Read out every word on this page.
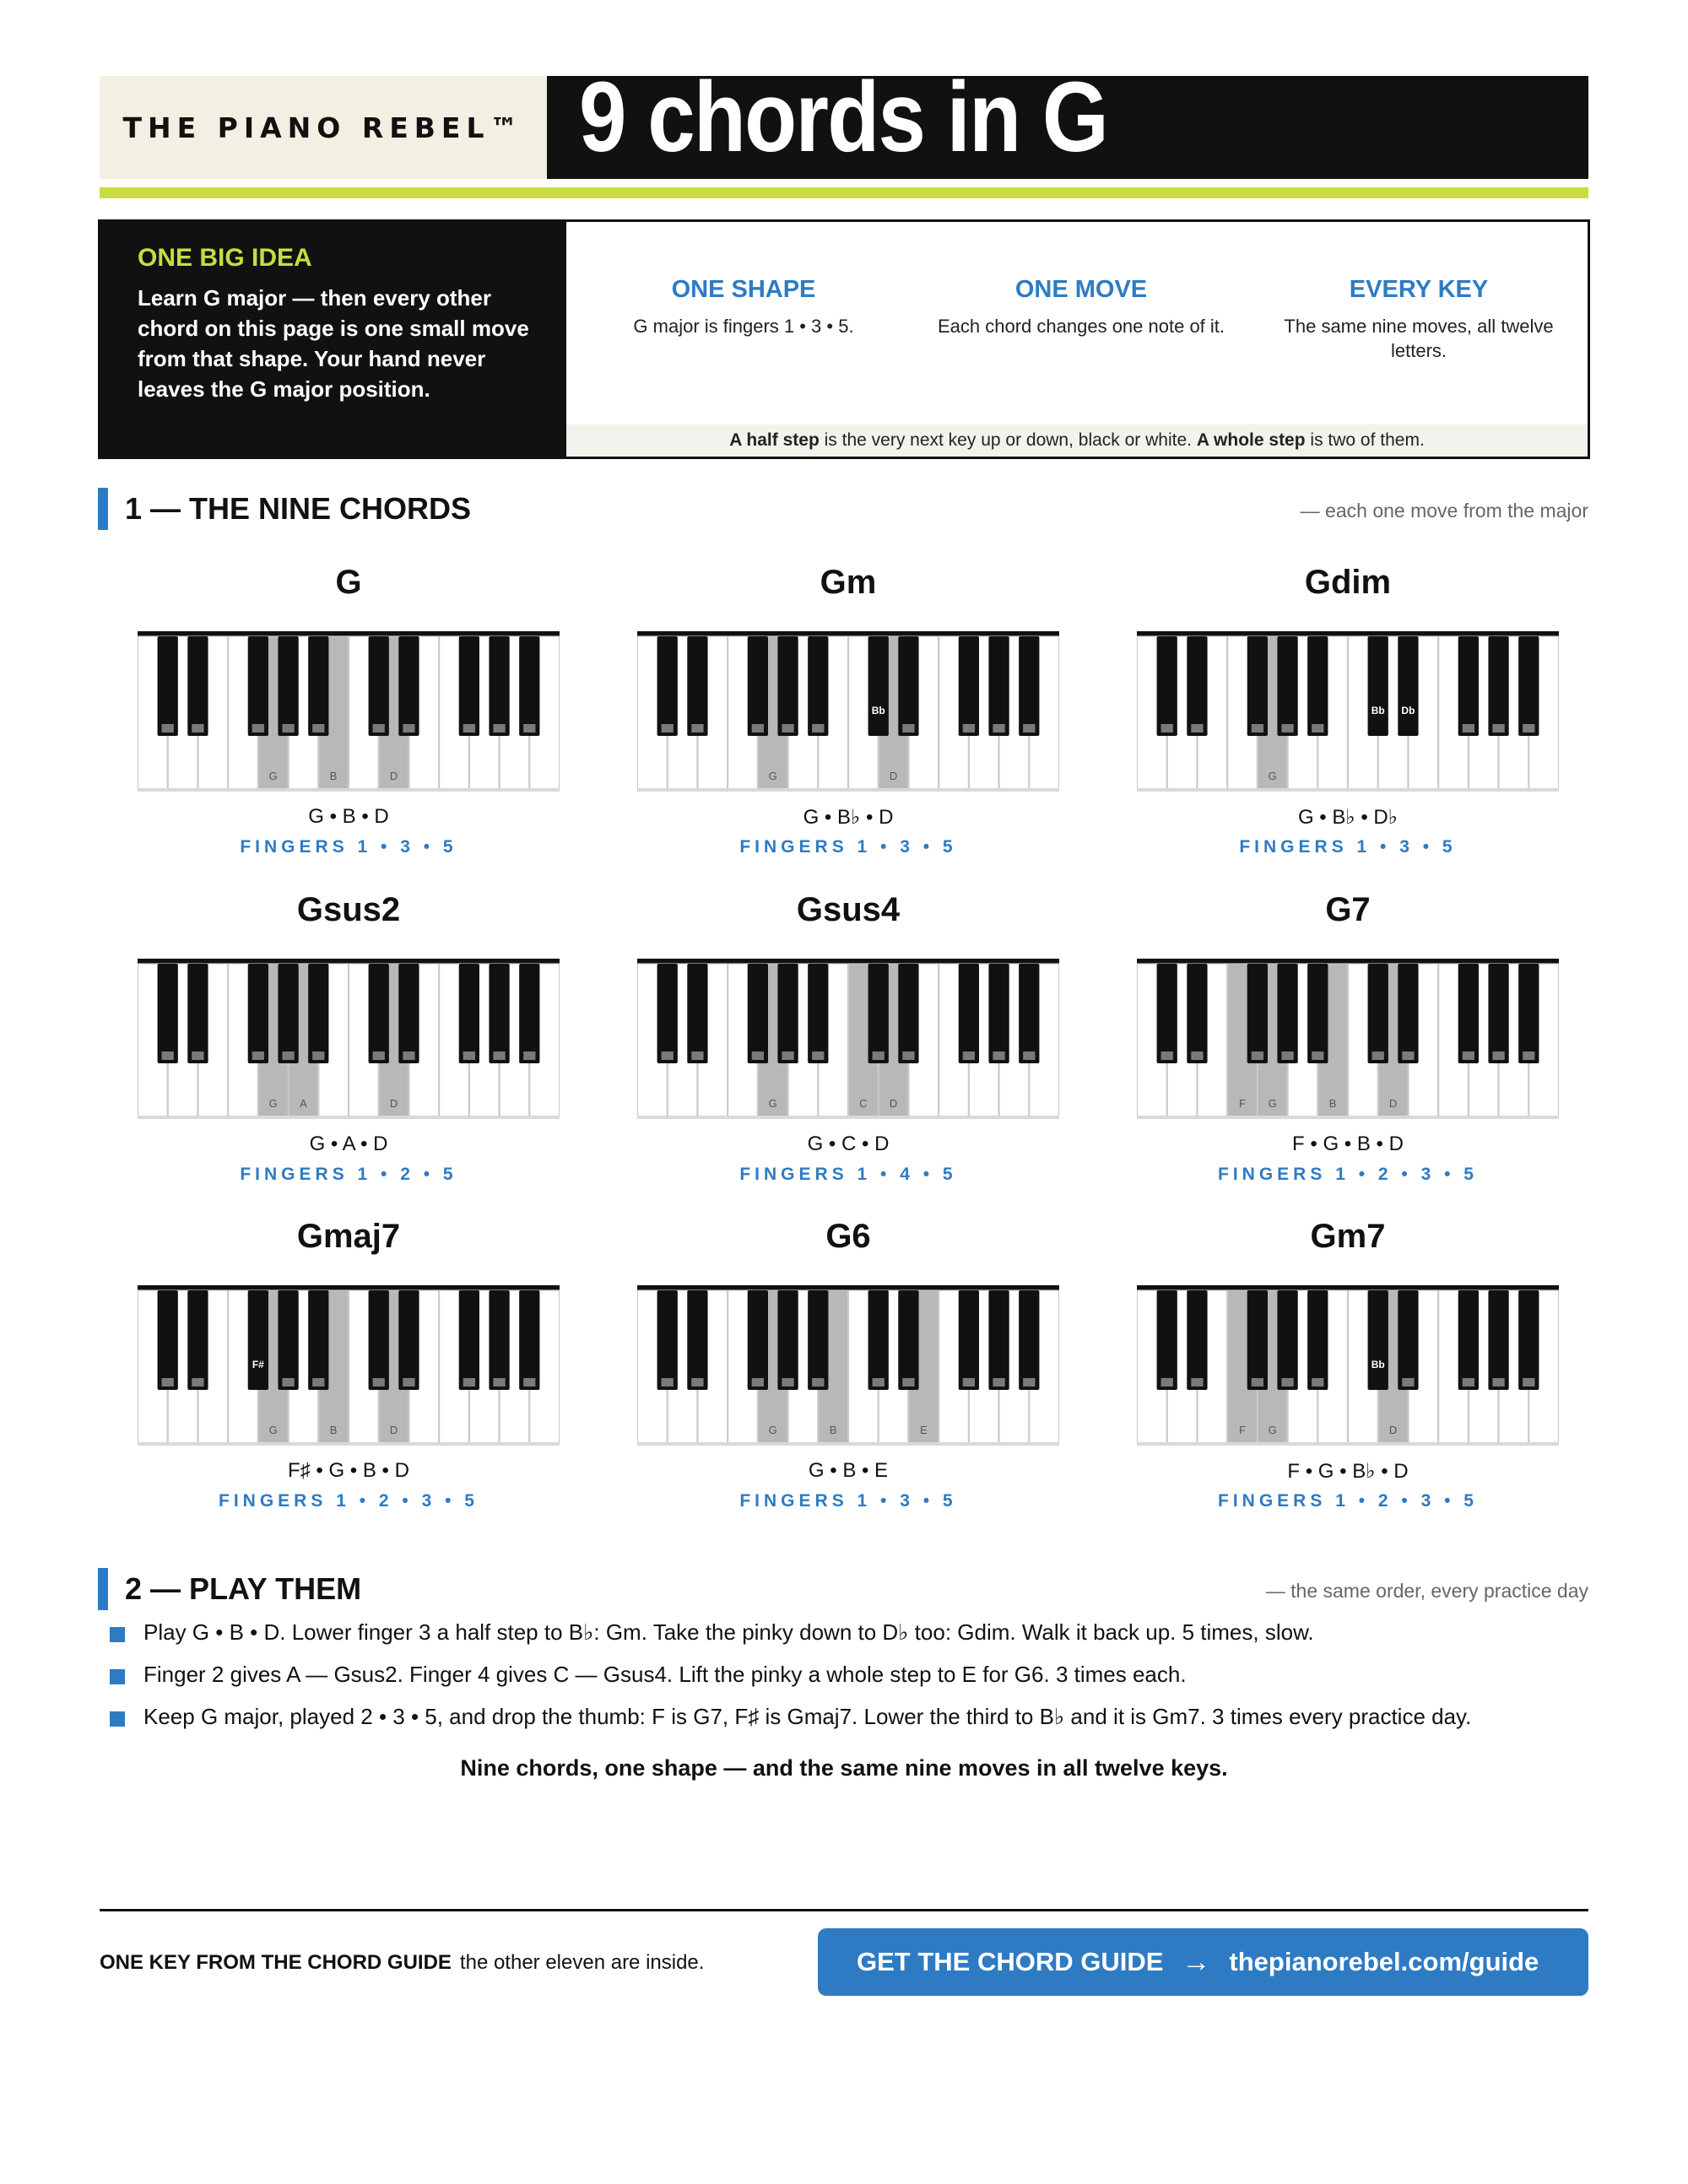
THE PIANO REBEL™ 9 chords in G
ONE BIG IDEA
Learn G major — then every other chord on this page is one small move from that shape. Your hand never leaves the G major position.
ONE SHAPE
G major is fingers 1 • 3 • 5.
ONE MOVE
Each chord changes one note of it.
EVERY KEY
The same nine moves, all twelve letters.
A half step is the very next key up or down, black or white. A whole step is two of them.
1 — THE NINE CHORDS	— each one move from the major
G
G	B	D
G • B • D
FINGERS 1 • 3 • 5
Gm
G	D
Bb
G • B♭ • D
FINGERS 1 • 3 • 5
Gdim
G
Bb Db
G • B♭ • D♭
FINGERS 1 • 3 • 5
Gsus2
G A	D
G • A • D
FINGERS 1 • 2 • 5
Gsus4
G	C D
G • C • D
FINGERS 1 • 4 • 5
G7
F G	B	D
F • G • B • D
FINGERS 1 • 2 • 3 • 5
Gmaj7
G	B	D
F#
F♯ • G • B • D
FINGERS 1 • 2 • 3 • 5
G6
G	B	E
G • B • E
FINGERS 1 • 3 • 5
Gm7
F G	D
Bb
F • G • B♭ • D
FINGERS 1 • 2 • 3 • 5
2 — PLAY THEM	— the same order, every practice day
Play G • B • D. Lower finger 3 a half step to B♭: Gm. Take the pinky down to D♭ too: Gdim. Walk it back up. 5 times, slow.
Finger 2 gives A — Gsus2. Finger 4 gives C — Gsus4. Lift the pinky a whole step to E for G6. 3 times each.
Keep G major, played 2 • 3 • 5, and drop the thumb: F is G7, F♯ is Gmaj7. Lower the third to B♭ and it is Gm7. 3 times every practice day.
Nine chords, one shape — and the same nine moves in all twelve keys.
ONE KEY FROM THE CHORD GUIDE the other eleven are inside.	GET THE CHORD GUIDE → thepianorebel.com/guide
